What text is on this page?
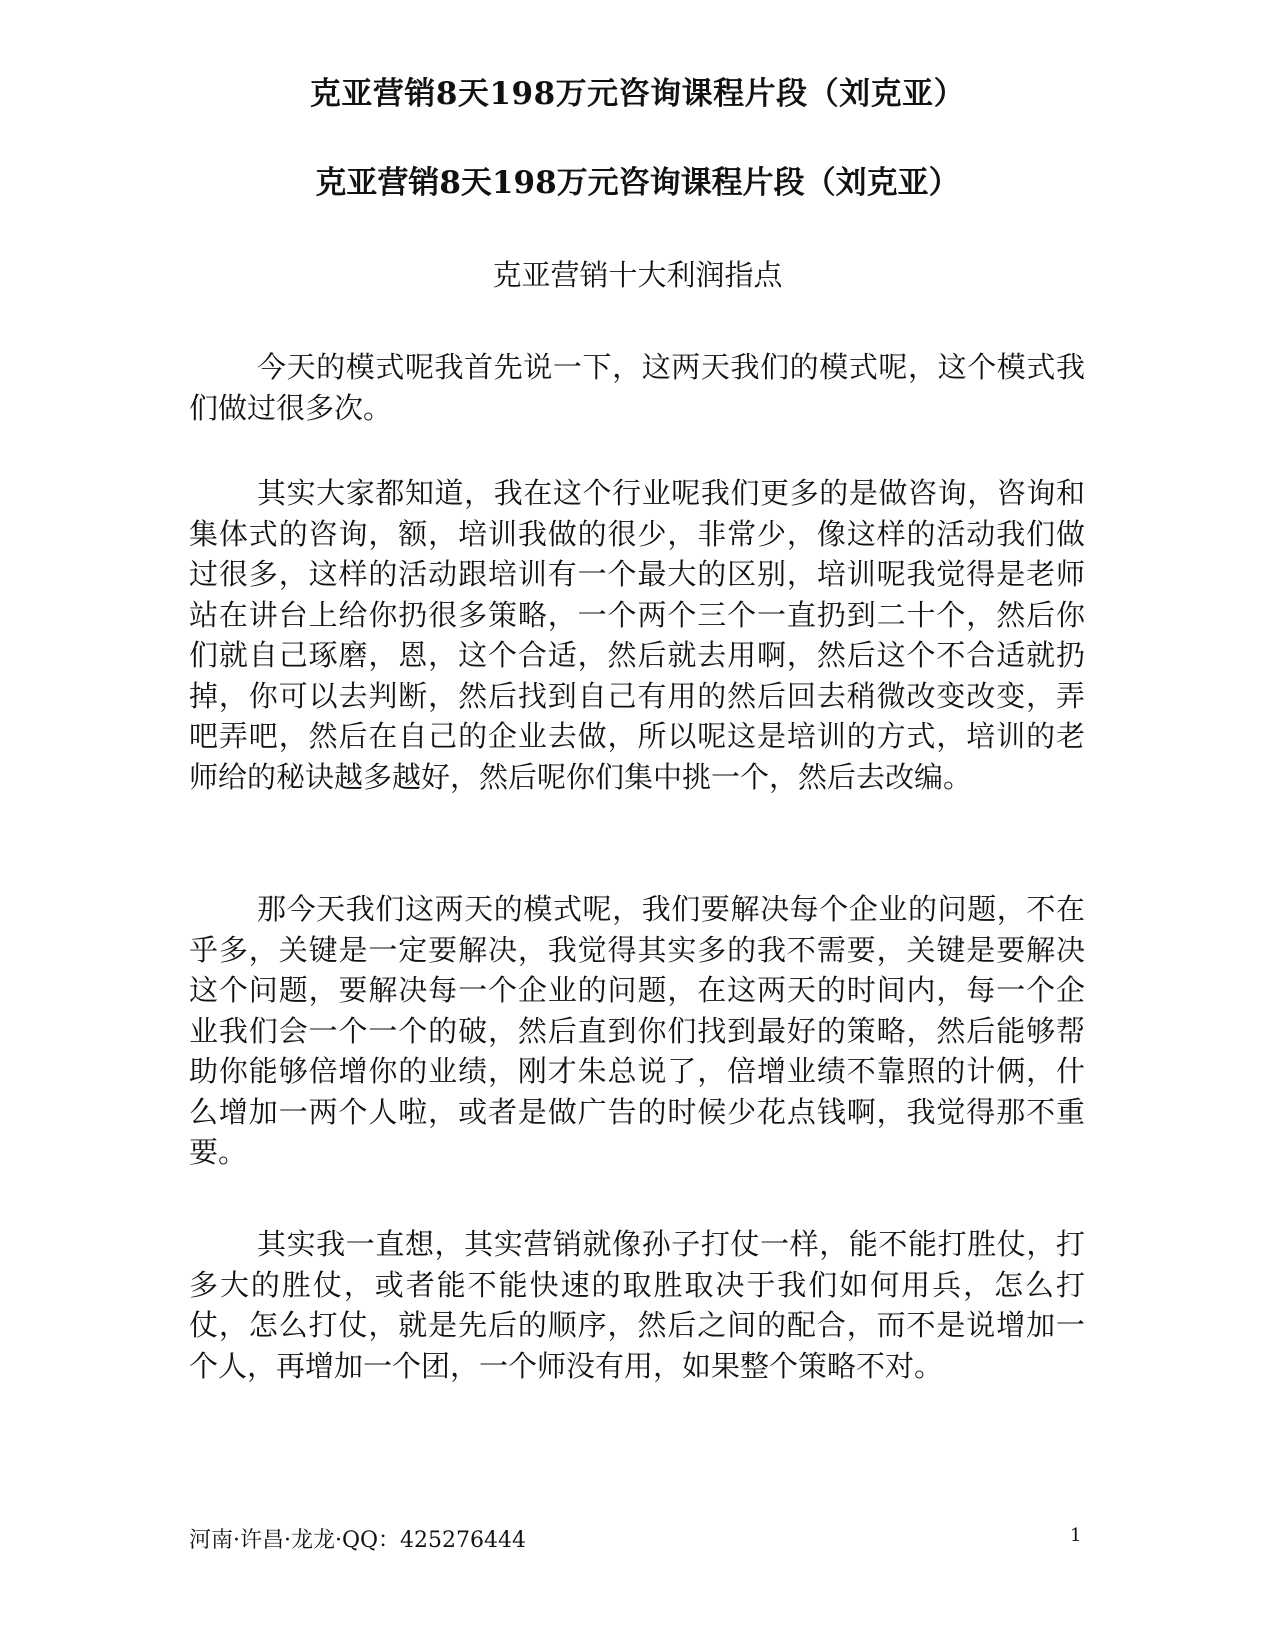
克亚营销8天198万元咨询课程片段（刘克亚）
克亚营销8天198万元咨询课程片段（刘克亚）
克亚营销十大利润指点

今天的模式呢我首先说一下，这两天我们的模式呢，这个模式我们做过很多次。

其实大家都知道，我在这个行业呢我们更多的是做咨询，咨询和集体式的咨询，额，培训我做的很少，非常少，像这样的活动我们做过很多，这样的活动跟培训有一个最大的区别，培训呢我觉得是老师站在讲台上给你扔很多策略，一个两个三个一直扔到二十个，然后你们就自己琢磨，恩，这个合适，然后就去用啊，然后这个不合适就扔掉，你可以去判断，然后找到自己有用的然后回去稍微改变改变，弄吧弄吧，然后在自己的企业去做，所以呢这是培训的方式，培训的老师给的秘诀越多越好，然后呢你们集中挑一个，然后去改编。

那今天我们这两天的模式呢，我们要解决每个企业的问题，不在乎多，关键是一定要解决，我觉得其实多的我不需要，关键是要解决这个问题，要解决每一个企业的问题，在这两天的时间内，每一个企业我们会一个一个的破，然后直到你们找到最好的策略，然后能够帮助你能够倍增你的业绩，刚才朱总说了，倍增业绩不靠照的计俩，什么增加一两个人啦，或者是做广告的时候少花点钱啊，我觉得那不重要。

其实我一直想，其实营销就像孙子打仗一样，能不能打胜仗，打多大的胜仗，或者能不能快速的取胜取决于我们如何用兵，怎么打仗，怎么打仗，就是先后的顺序，然后之间的配合，而不是说增加一个人，再增加一个团，一个师没有用，如果整个策略不对。

河南·许昌·龙龙·QQ：425276444	1
